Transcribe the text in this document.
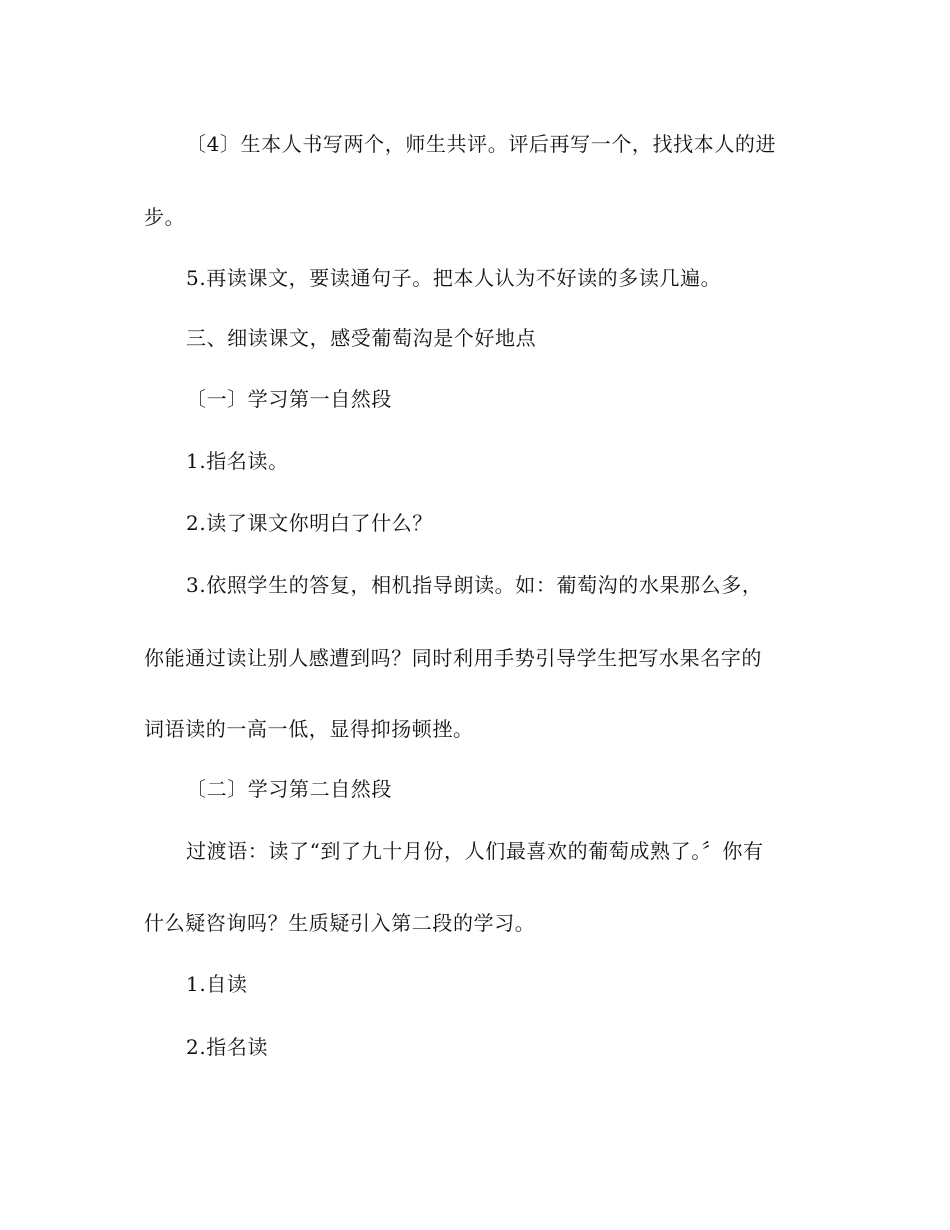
〔4〕生本人书写两个，师生共评。评后再写一个，找找本人的进
步。
5.再读课文，要读通句子。把本人认为不好读的多读几遍。
三、细读课文，感受葡萄沟是个好地点
〔一〕学习第一自然段
1.指名读。
2.读了课文你明白了什么？
3.依照学生的答复，相机指导朗读。如：葡萄沟的水果那么多，
你能通过读让别人感遭到吗？同时利用手势引导学生把写水果名字的
词语读的一高一低，显得抑扬顿挫。
〔二〕学习第二自然段
过渡语：读了“到了九十月份，人们最喜欢的葡萄成熟了。〞你有
什么疑咨询吗？生质疑引入第二段的学习。
1.自读
2.指名读
